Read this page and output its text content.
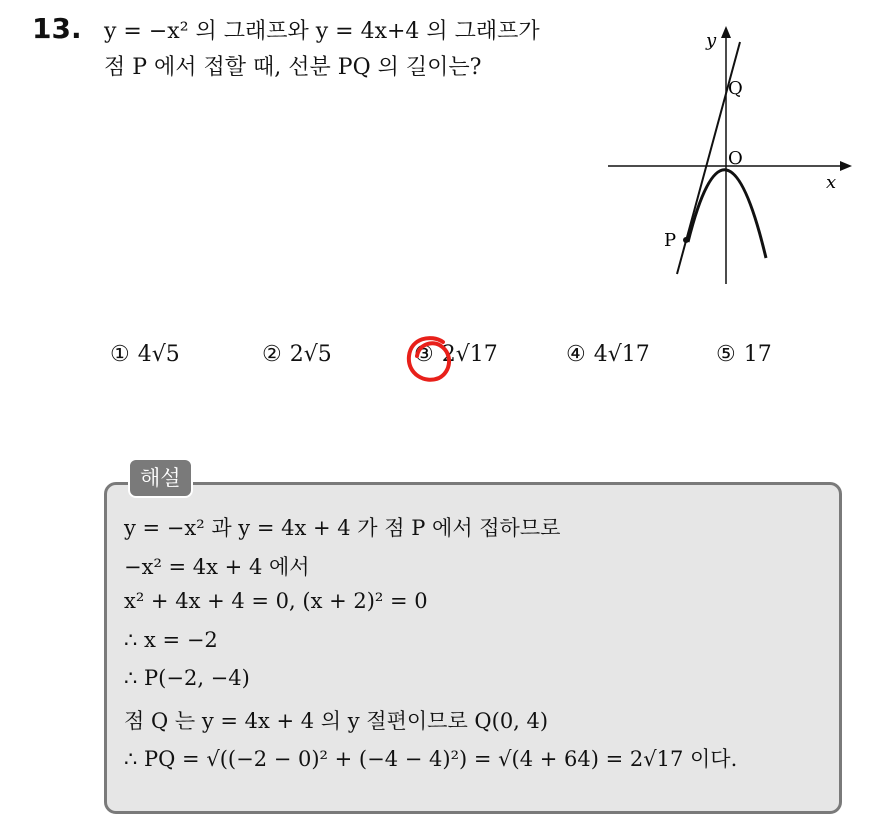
13. y = −x² 의 그래프와 y = 4x+4 의 그래프가
점 P 에서 접할 때, 선분 PQ 의 길이는?
y
x
O
Q
P
① 4√5	② 2√5	③ 2√17	④ 4√17	⑤ 17
해설
y = −x² 과 y = 4x + 4 가 점 P 에서 접하므로
−x² = 4x + 4 에서
x² + 4x + 4 = 0, (x + 2)² = 0
∴ x = −2
∴ P(−2, −4)
점 Q 는 y = 4x + 4 의 y 절편이므로 Q(0, 4)
∴ PQ = √((−2 − 0)² + (−4 − 4)²) = √(4 + 64) = 2√17 이다.
